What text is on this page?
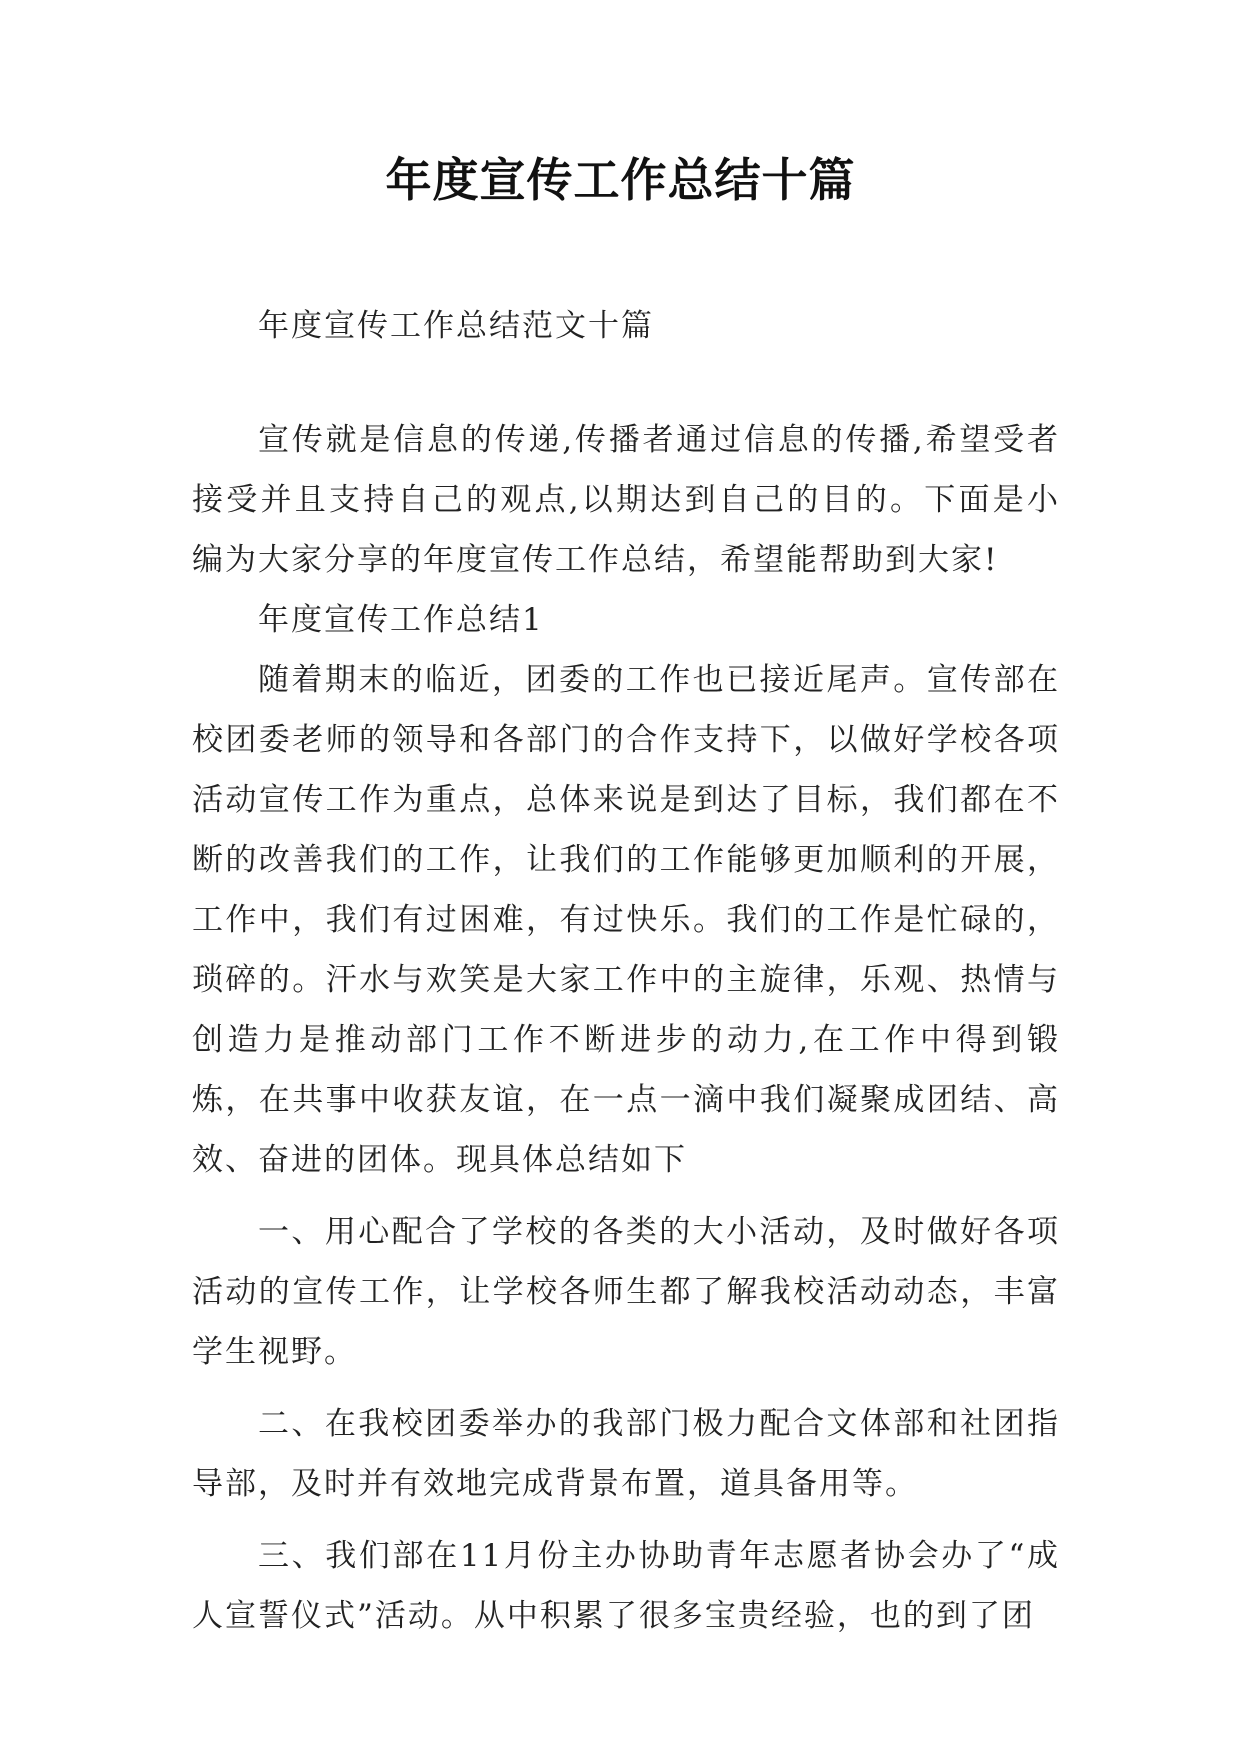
年度宣传工作总结十篇

年度宣传工作总结范文十篇

宣传就是信息的传递,传播者通过信息的传播,希望受者接受并且支持自己的观点,以期达到自己的目的。下面是小编为大家分享的年度宣传工作总结，希望能帮助到大家!

年度宣传工作总结1

随着期末的临近，团委的工作也已接近尾声。宣传部在校团委老师的领导和各部门的合作支持下，以做好学校各项活动宣传工作为重点，总体来说是到达了目标，我们都在不断的改善我们的工作，让我们的工作能够更加顺利的开展，工作中，我们有过困难，有过快乐。我们的工作是忙碌的，琐碎的。汗水与欢笑是大家工作中的主旋律，乐观、热情与创造力是推动部门工作不断进步的动力,在工作中得到锻炼，在共事中收获友谊，在一点一滴中我们凝聚成团结、高效、奋进的团体。现具体总结如下

一、用心配合了学校的各类的大小活动，及时做好各项活动的宣传工作，让学校各师生都了解我校活动动态，丰富学生视野。

二、在我校团委举办的我部门极力配合文体部和社团指导部，及时并有效地完成背景布置，道具备用等。

三、我们部在11月份主办协助青年志愿者协会办了“成人宣誓仪式”活动。从中积累了很多宝贵经验，也的到了团
